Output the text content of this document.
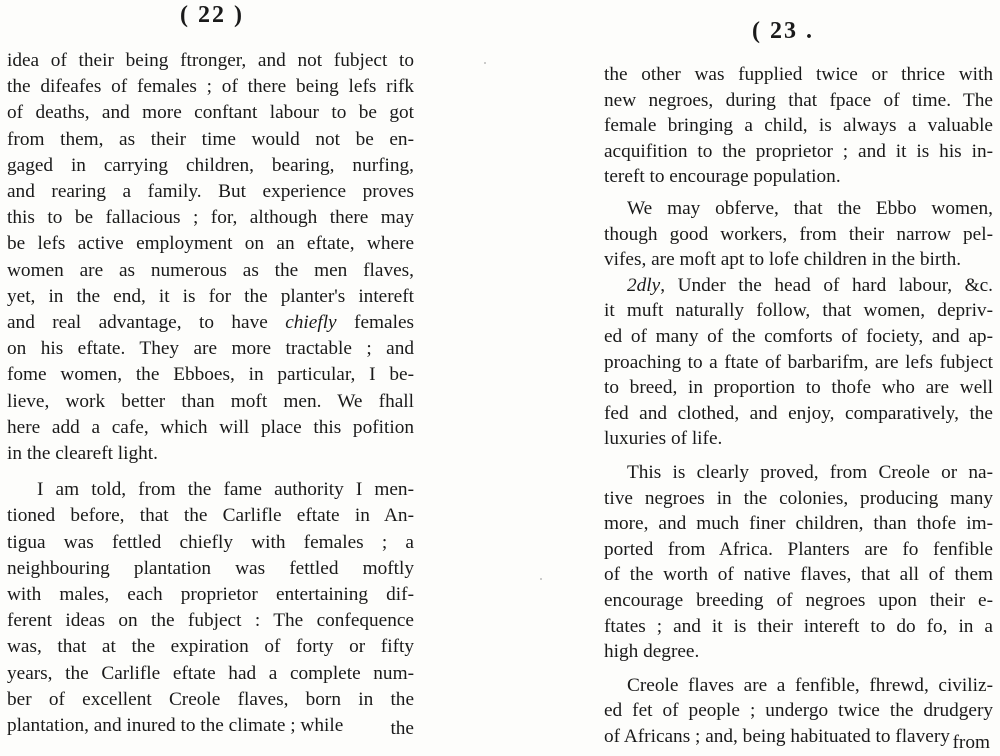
( 22 )
idea of their being ftronger, and not fubject to
the difeafes of females ; of there being lefs rifk
of deaths, and more conftant labour to be got
from them, as their time would not be en-
gaged in carrying children, bearing, nurfing,
and rearing a family. But experience proves
this to be fallacious ; for, although there may
be lefs active employment on an eftate, where
women are as numerous as the men flaves,
yet, in the end, it is for the planter's intereft
and real advantage, to have chiefly females
on his eftate. They are more tractable ; and
fome women, the Ebboes, in particular, I be-
lieve, work better than moft men. We fhall
here add a cafe, which will place this pofition
in the cleareft light.
I am told, from the fame authority I men-
tioned before, that the Carlifle eftate in An-
tigua was fettled chiefly with females ; a
neighbouring plantation was fettled moftly
with males, each proprietor entertaining dif-
ferent ideas on the fubject : The confequence
was, that at the expiration of forty or fifty
years, the Carlifle eftate had a complete num-
ber of excellent Creole flaves, born in the
plantation, and inured to the climate ; while	the
( 23 .
the other was fupplied twice or thrice with
new negroes, during that fpace of time. The
female bringing a child, is always a valuable
acquifition to the proprietor ; and it is his in-
tereft to encourage population.
We may obferve, that the Ebbo women,
though good workers, from their narrow pel-
vifes, are moft apt to lofe children in the birth.
2dly, Under the head of hard labour, &c.
it muft naturally follow, that women, depriv-
ed of many of the comforts of fociety, and ap-
proaching to a ftate of barbarifm, are lefs fubject
to breed, in proportion to thofe who are well
fed and clothed, and enjoy, comparatively, the
luxuries of life.
This is clearly proved, from Creole or na-
tive negroes in the colonies, producing many
more, and much finer children, than thofe im-
ported from Africa. Planters are fo fenfible
of the worth of native flaves, that all of them
encourage breeding of negroes upon their e-
ftates ; and it is their intereft to do fo, in a
high degree.
Creole flaves are a fenfible, fhrewd, civiliz-
ed fet of people ; undergo twice the drudgery
of Africans ; and, being habituated to flavery from
